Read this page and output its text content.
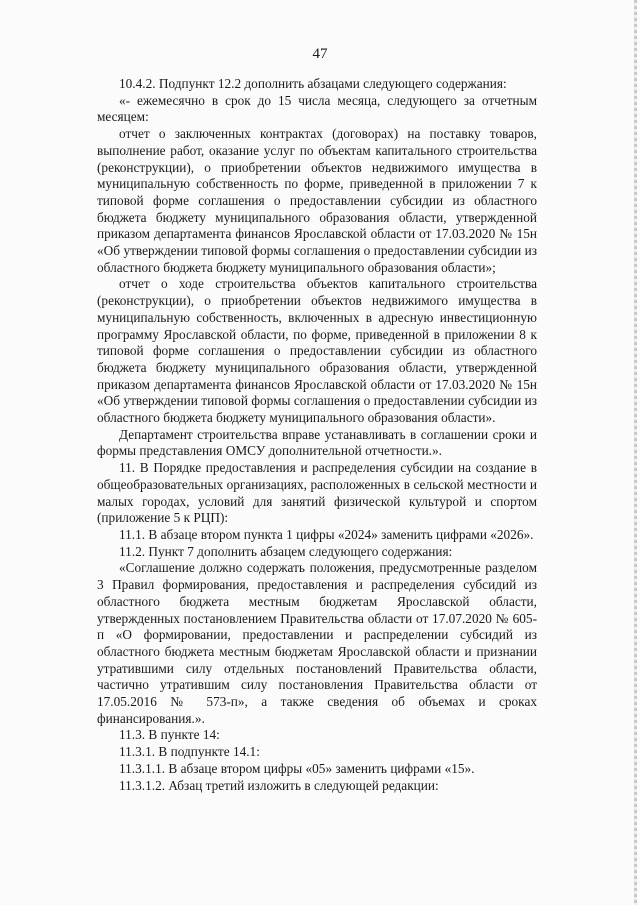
47

10.4.2. Подпункт 12.2 дополнить абзацами следующего содержания:

«- ежемесячно в срок до 15 числа месяца, следующего за отчетным месяцем:

отчет о заключенных контрактах (договорах) на поставку товаров, выполнение работ, оказание услуг по объектам капитального строительства (реконструкции), о приобретении объектов недвижимого имущества в муниципальную собственность по форме, приведенной в приложении 7 к типовой форме соглашения о предоставлении субсидии из областного бюджета бюджету муниципального образования области, утвержденной приказом департамента финансов Ярославской области от 17.03.2020 № 15н «Об утверждении типовой формы соглашения о предоставлении субсидии из областного бюджета бюджету муниципального образования области»;

отчет о ходе строительства объектов капитального строительства (реконструкции), о приобретении объектов недвижимого имущества в муниципальную собственность, включенных в адресную инвестиционную программу Ярославской области, по форме, приведенной в приложении 8 к типовой форме соглашения о предоставлении субсидии из областного бюджета бюджету муниципального образования области, утвержденной приказом департамента финансов Ярославской области от 17.03.2020 № 15н «Об утверждении типовой формы соглашения о предоставлении субсидии из областного бюджета бюджету муниципального образования области».

Департамент строительства вправе устанавливать в соглашении сроки и формы представления ОМСУ дополнительной отчетности.».

11. В Порядке предоставления и распределения субсидии на создание в общеобразовательных организациях, расположенных в сельской местности и малых городах, условий для занятий физической культурой и спортом (приложение 5 к РЦП):

11.1. В абзаце втором пункта 1 цифры «2024» заменить цифрами «2026».

11.2. Пункт 7 дополнить абзацем следующего содержания:

«Соглашение должно содержать положения, предусмотренные разделом 3 Правил формирования, предоставления и распределения субсидий из областного бюджета местным бюджетам Ярославской области, утвержденных постановлением Правительства области от 17.07.2020 № 605-п «О формировании, предоставлении и распределении субсидий из областного бюджета местным бюджетам Ярославской области и признании утратившими силу отдельных постановлений Правительства области, частично утратившим силу постановления Правительства области от 17.05.2016 № 573-п», а также сведения об объемах и сроках финансирования.».

11.3. В пункте 14:

11.3.1. В подпункте 14.1:

11.3.1.1. В абзаце втором цифры «05» заменить цифрами «15».

11.3.1.2. Абзац третий изложить в следующей редакции:
